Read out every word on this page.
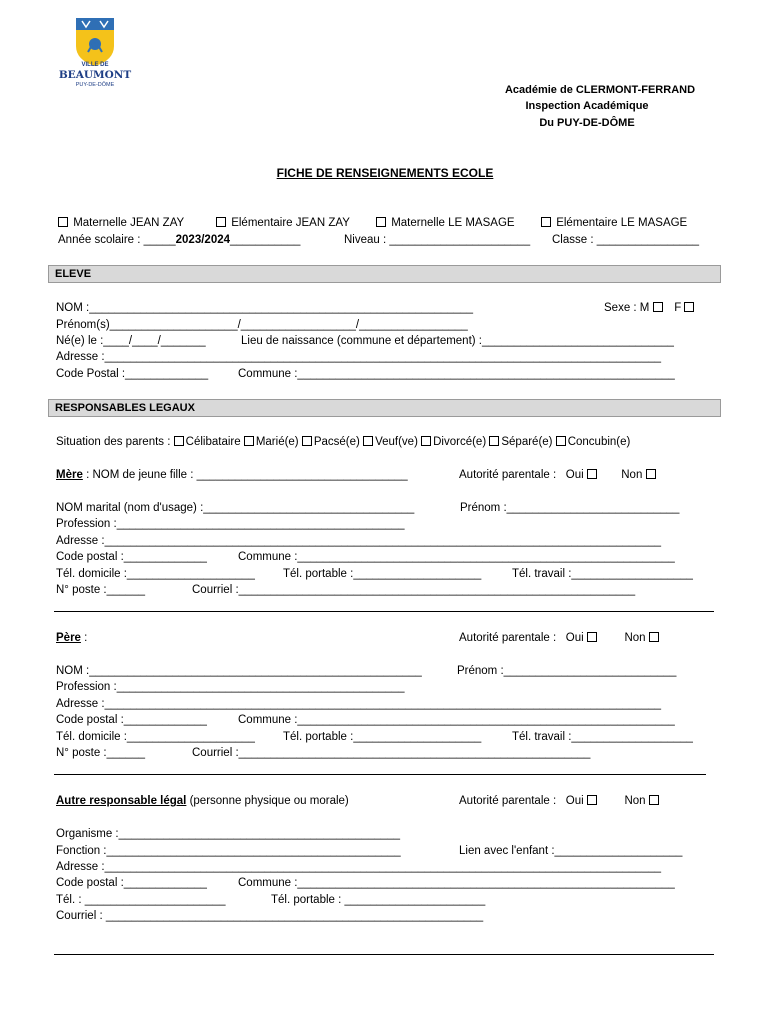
VILLE DE
BEAUMONT
PUY-DE-DÔME	Académie de CLERMONT-FERRAND
Inspection Académique
Du PUY-DE-DÔME
FICHE DE RENSEIGNEMENTS ECOLE
Maternelle JEAN ZAY	Elémentaire JEAN ZAY	Maternelle LE MASAGE	Elémentaire LE MASAGE
Année scolaire : _____2023/2024___________	Niveau : ______________________ Classe : ________________
ELEVE
NOM :____________________________________________________________	Sexe : M F
Prénom(s)____________________/__________________/_________________
Né(e) le :____/____/_______	Lieu de naissance (commune et département) :______________________________
Adresse :_______________________________________________________________________________________
Code Postal :_____________	Commune :___________________________________________________________
RESPONSABLES LEGAUX
Situation des parents : Célibataire Marié(e) Pacsé(e) Veuf(ve) Divorcé(e) Séparé(e) Concubin(e)
Mère : NOM de jeune fille : _________________________________	Autorité parentale : Oui	Non
NOM marital (nom d'usage) :_________________________________	Prénom :___________________________
Profession :_____________________________________________
Adresse :_______________________________________________________________________________________
Code postal :_____________	Commune :___________________________________________________________
Tél. domicile :____________________ Tél. portable :____________________	Tél. travail :___________________
N° poste :______	Courriel :______________________________________________________________
Père :	Autorité parentale : Oui	Non
NOM :____________________________________________________	Prénom :___________________________
Profession :_____________________________________________
Adresse :_______________________________________________________________________________________
Code postal :_____________	Commune :___________________________________________________________
Tél. domicile :____________________ Tél. portable :____________________	Tél. travail :___________________
N° poste :______	Courriel :_______________________________________________________
Autre responsable légal (personne physique ou morale)	Autorité parentale : Oui	Non
Organisme :____________________________________________
Fonction :______________________________________________	Lien avec l'enfant :____________________
Adresse :_______________________________________________________________________________________
Code postal :_____________	Commune :___________________________________________________________
Tél. : ______________________	Tél. portable : ______________________
Courriel : ___________________________________________________________
